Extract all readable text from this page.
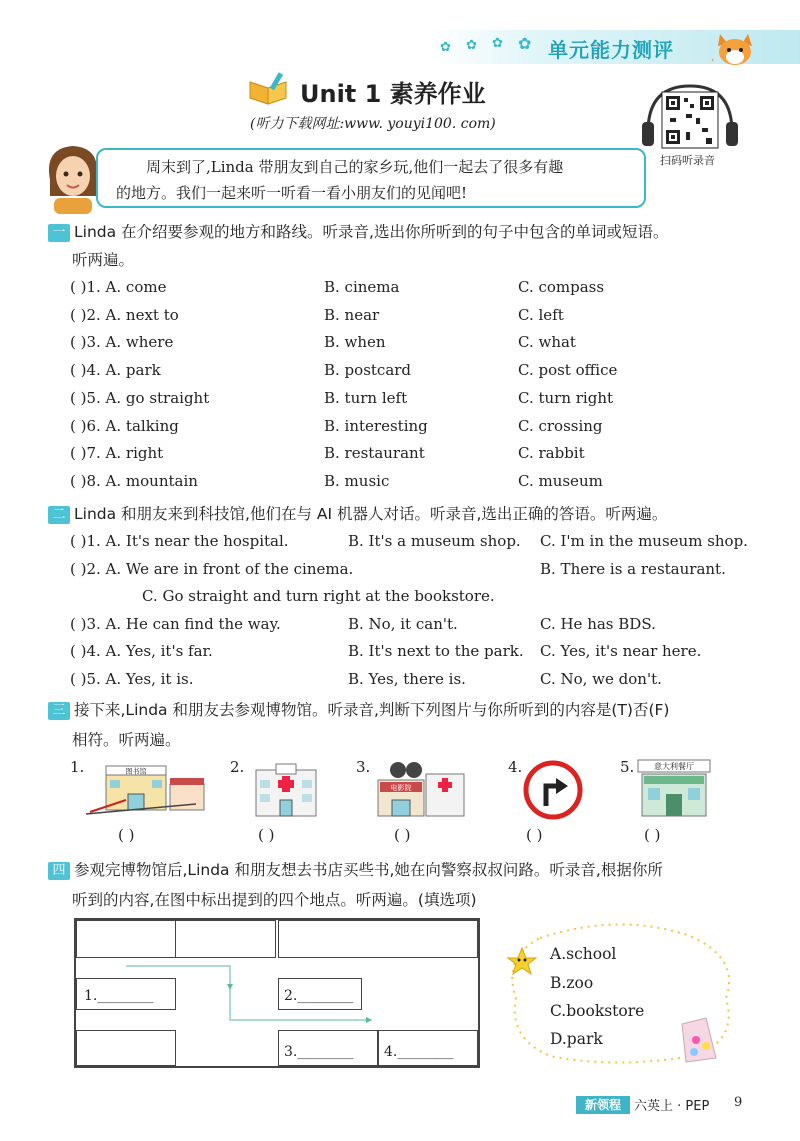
✿ ✿ ✿ ✿ 单元能力测评
Unit 1 素养作业
(听力下载网址:www. youyi100. com)
扫码听录音
周末到了,Linda 带朋友到自己的家乡玩,他们一起去了很多有趣
的地方。我们一起来听一听看一看小朋友们的见闻吧!
一 Linda 在介绍要参观的地方和路线。听录音,选出你所听到的句子中包含的单词或短语。
听两遍。
( )1. A. come	B. cinema	C. compass
( )2. A. next to	B. near	C. left
( )3. A. where	B. when	C. what
( )4. A. park	B. postcard	C. post office
( )5. A. go straight	B. turn left	C. turn right
( )6. A. talking	B. interesting	C. crossing
( )7. A. right	B. restaurant	C. rabbit
( )8. A. mountain	B. music	C. museum
二 Linda 和朋友来到科技馆,他们在与 AI 机器人对话。听录音,选出正确的答语。听两遍。
( )1. A. It's near the hospital.	B. It's a museum shop. C. I'm in the museum shop.
( )2. A. We are in front of the cinema.	B. There is a restaurant.
C. Go straight and turn right at the bookstore.
( )3. A. He can find the way.	B. No, it can't.	C. He has BDS.
( )4. A. Yes, it's far.	B. It's next to the park. C. Yes, it's near here.
( )5. A. Yes, it is.	B. Yes, there is.	C. No, we don't.
三 接下来,Linda 和朋友去参观博物馆。听录音,判断下列图片与你所听到的内容是(T)否(F)
相符。听两遍。
1.	图书馆
( )
2.
( )
3.
电影院
( )
4.
( )
5. 意大利餐厅
( )
四 参观完博物馆后,Linda 和朋友想去书店买些书,她在向警察叔叔问路。听录音,根据你所
听到的内容,在图中标出提到的四个地点。听两遍。(填选项)
1.________	2.________
3.________ 4.________
A.school
B.zoo
C.bookstore
D.park
新领程	六英上 · PEP 9
